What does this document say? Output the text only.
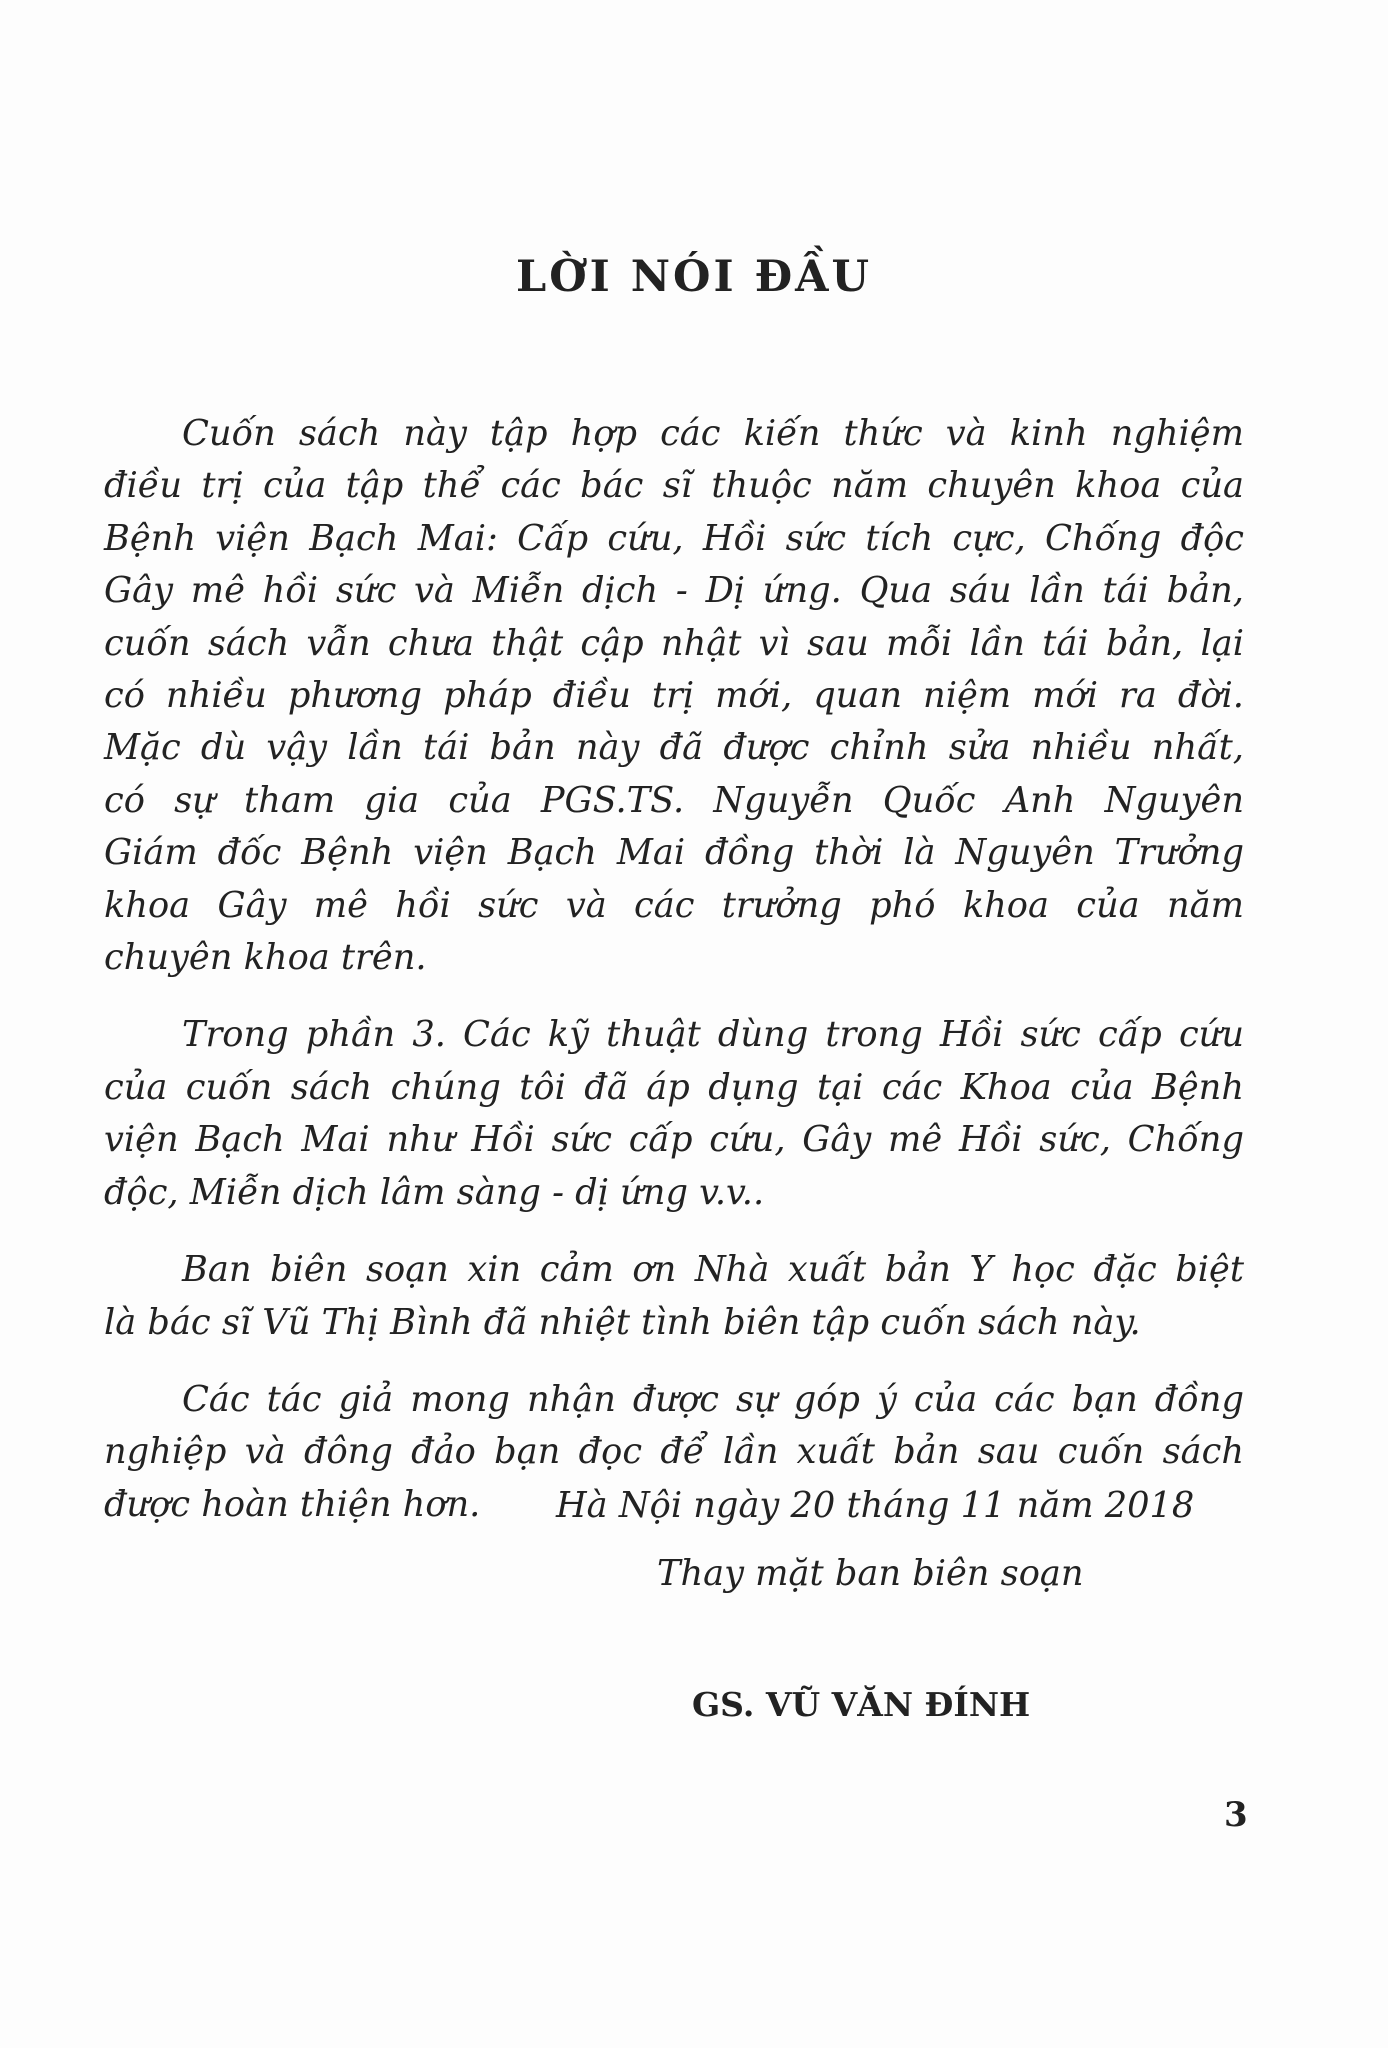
LỜI NÓI ĐẦU
Cuốn sách này tập hợp các kiến thức và kinh nghiệm
điều trị của tập thể các bác sĩ thuộc năm chuyên khoa của
Bệnh viện Bạch Mai: Cấp cứu, Hồi sức tích cực, Chống độc
Gây mê hồi sức và Miễn dịch - Dị ứng. Qua sáu lần tái bản,
cuốn sách vẫn chưa thật cập nhật vì sau mỗi lần tái bản, lại
có nhiều phương pháp điều trị mới, quan niệm mới ra đời.
Mặc dù vậy lần tái bản này đã được chỉnh sửa nhiều nhất,
có sự tham gia của PGS.TS. Nguyễn Quốc Anh Nguyên
Giám đốc Bệnh viện Bạch Mai đồng thời là Nguyên Trưởng
khoa Gây mê hồi sức và các trưởng phó khoa của năm
chuyên khoa trên.
Trong phần 3. Các kỹ thuật dùng trong Hồi sức cấp cứu
của cuốn sách chúng tôi đã áp dụng tại các Khoa của Bệnh
viện Bạch Mai như Hồi sức cấp cứu, Gây mê Hồi sức, Chống
độc, Miễn dịch lâm sàng - dị ứng v.v..
Ban biên soạn xin cảm ơn Nhà xuất bản Y học đặc biệt
là bác sĩ Vũ Thị Bình đã nhiệt tình biên tập cuốn sách này.
Các tác giả mong nhận được sự góp ý của các bạn đồng
nghiệp và đông đảo bạn đọc để lần xuất bản sau cuốn sách
được hoàn thiện hơn.	Hà Nội ngày 20 tháng 11 năm 2018
Thay mặt ban biên soạn
GS. VŨ VĂN ĐÍNH
3
